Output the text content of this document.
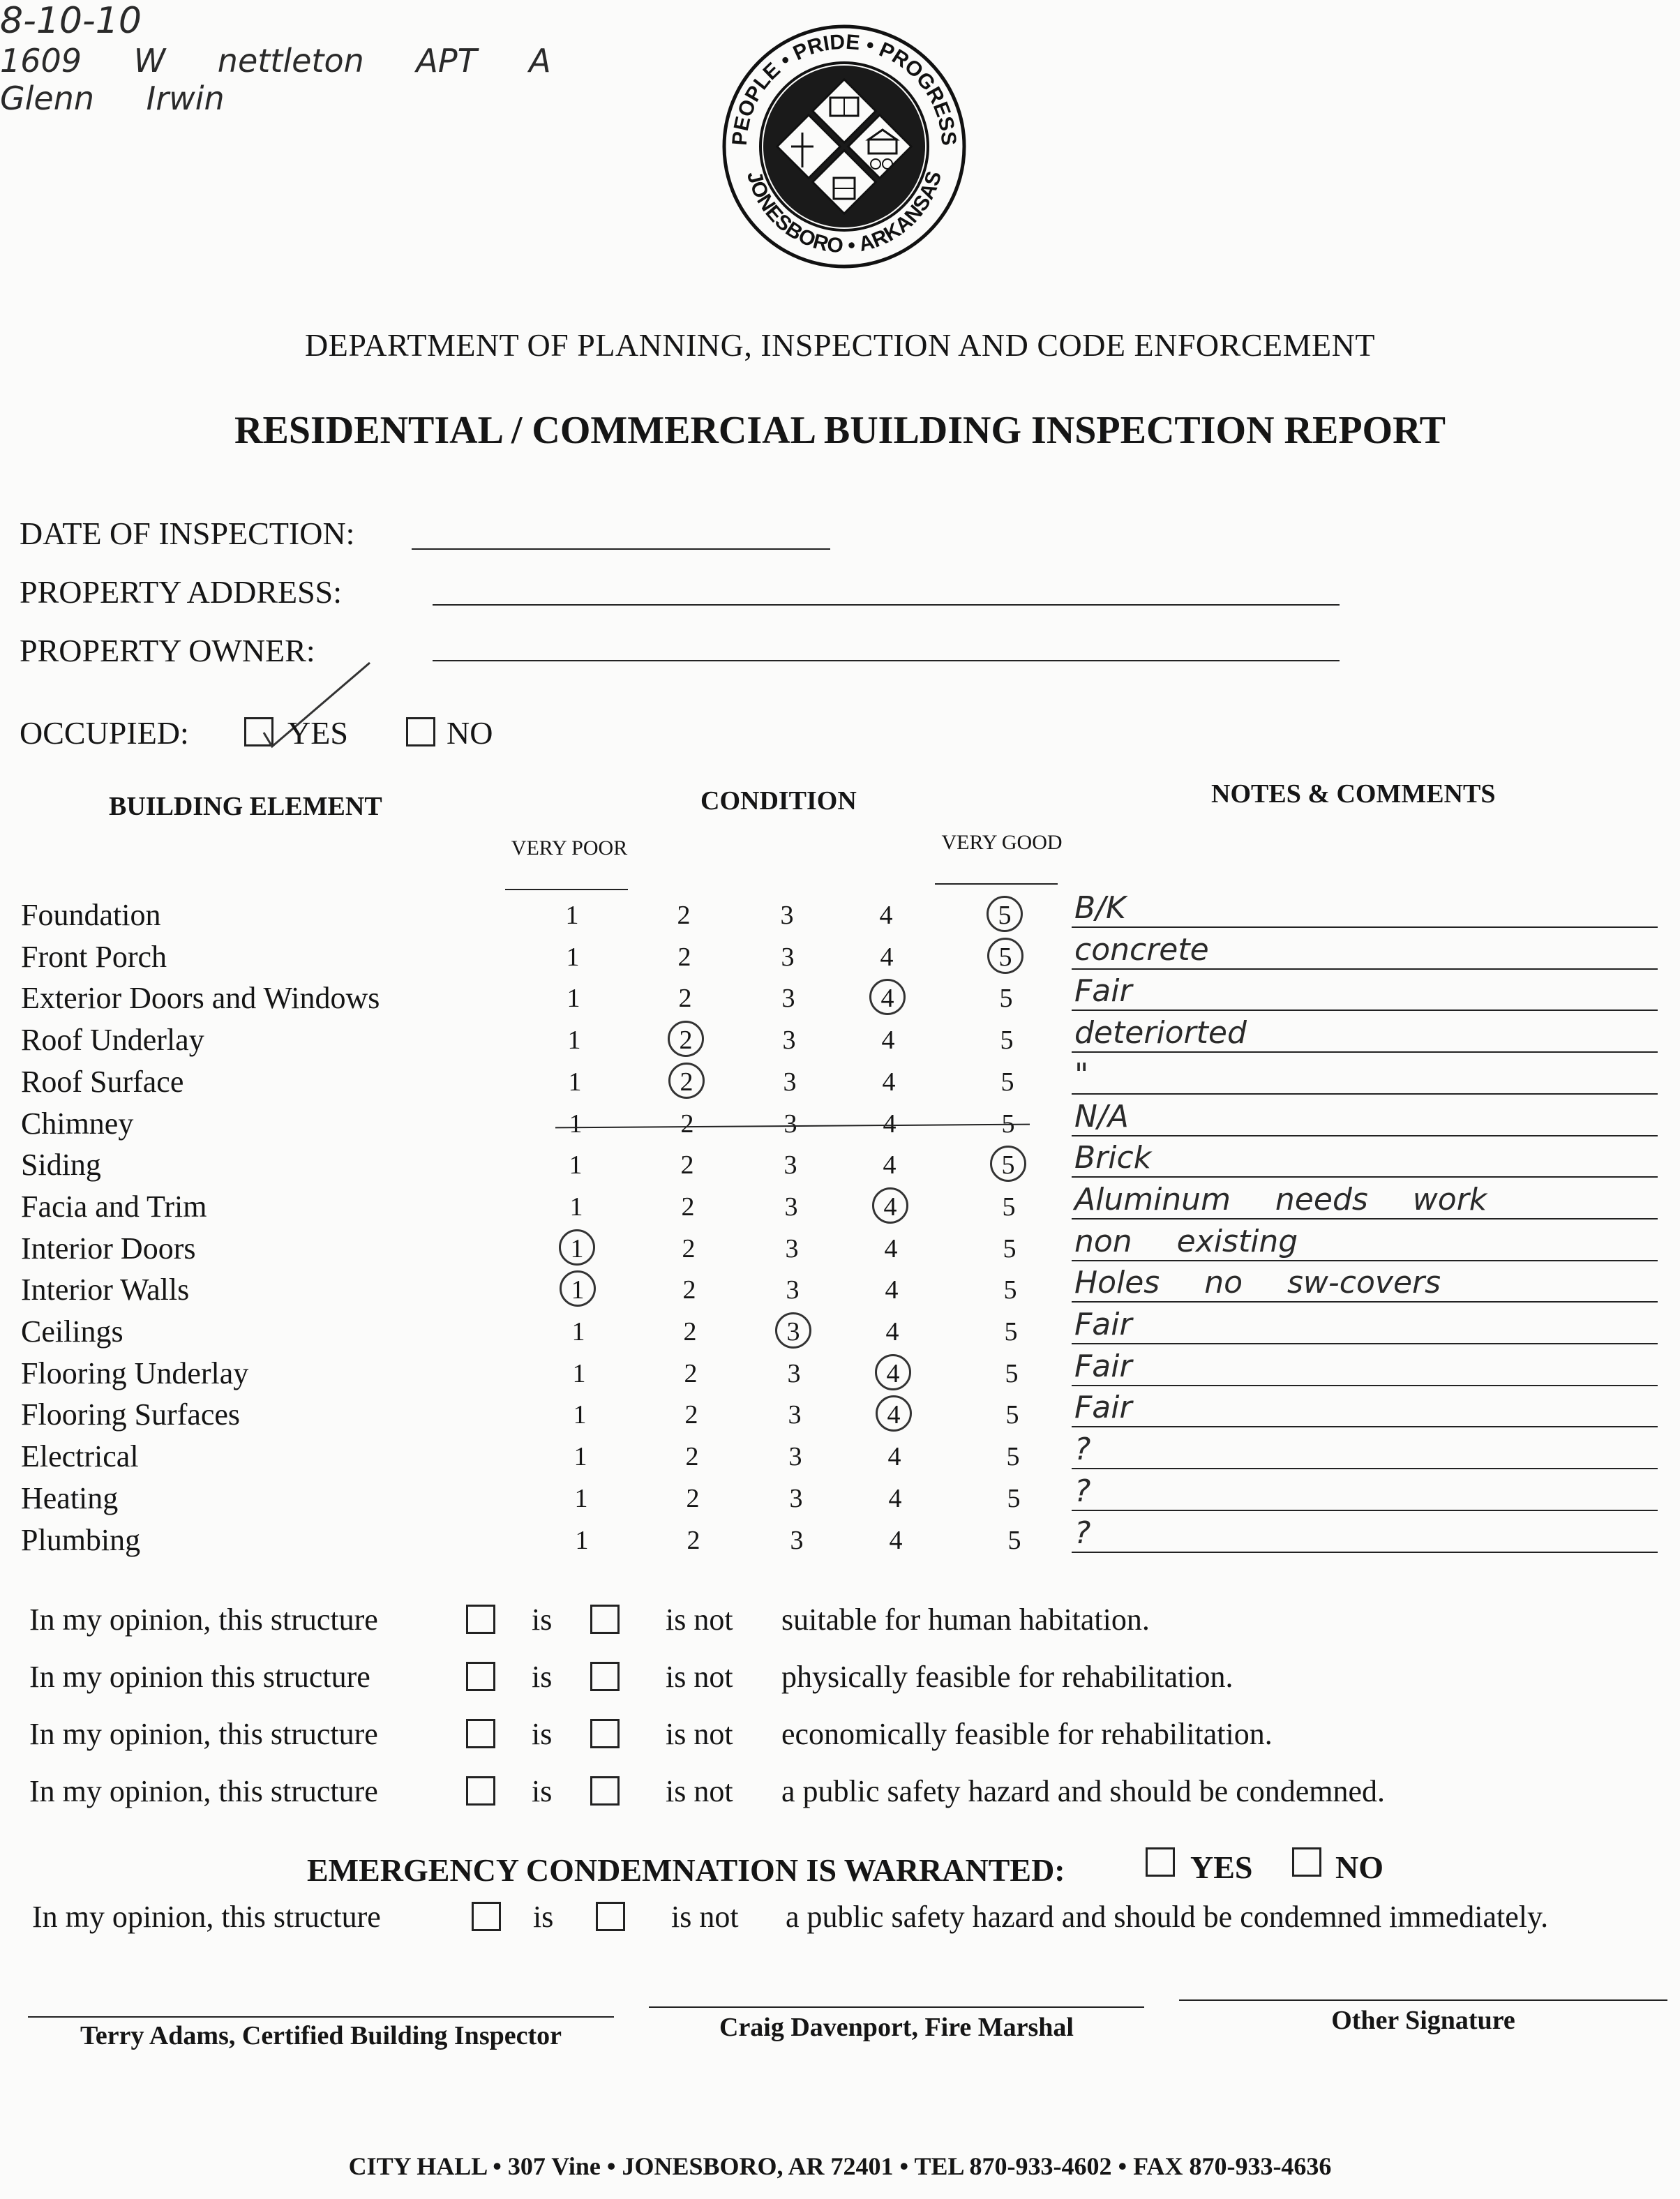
PEOPLE • PRIDE • PROGRESS
JONESBORO • ARKANSAS
DEPARTMENT OF PLANNING, INSPECTION AND CODE ENFORCEMENT
RESIDENTIAL / COMMERCIAL BUILDING INSPECTION REPORT
DATE OF INSPECTION:
8-10-10
PROPERTY ADDRESS:
1609 W nettleton APT A
PROPERTY OWNER:
Glenn Irwin
OCCUPIED:	YES	NO
BUILDING ELEMENT	CONDITION	NOTES & COMMENTS
VERY POOR	VERY GOOD
Foundation	1	2	3	4	5 B/K
Front Porch	1	2	3	4	5 concrete
Exterior Doors and Windows	1	2	3	4	5 Fair
Roof Underlay	1	2	3	4	5 deteriorted
Roof Surface	1	2	3	4	5 "
Chimney	1	2	3	4	5 N/A
Siding	1	2	3	4	5 Brick
Facia and Trim	1	2	3	4	5 Aluminum needs work
Interior Doors	1	2	3	4	5 non existing
Interior Walls	1	2	3	4	5 Holes no sw-covers
Ceilings	1	2	3	4	5 Fair
Flooring Underlay	1	2	3	4	5 Fair
Flooring Surfaces	1	2	3	4	5 Fair
Electrical	1	2	3	4	5 ?
Heating	1	2	3	4	5 ?
Plumbing	1	2	3	4	5 ?
In my opinion, this structure	is	is not suitable for human habitation.
In my opinion this structure	is	is not physically feasible for rehabilitation.
In my opinion, this structure	is	is not economically feasible for rehabilitation.
In my opinion, this structure	is	is not a public safety hazard and should be condemned.
EMERGENCY CONDEMNATION IS WARRANTED:	YES	NO
In my opinion, this structure	is	is not a public safety hazard and should be condemned immediately.
Terry Adams, Certified Building Inspector	Craig Davenport, Fire Marshal	Other Signature
CITY HALL • 307 Vine • JONESBORO, AR 72401 • TEL 870-933-4602 • FAX 870-933-4636
